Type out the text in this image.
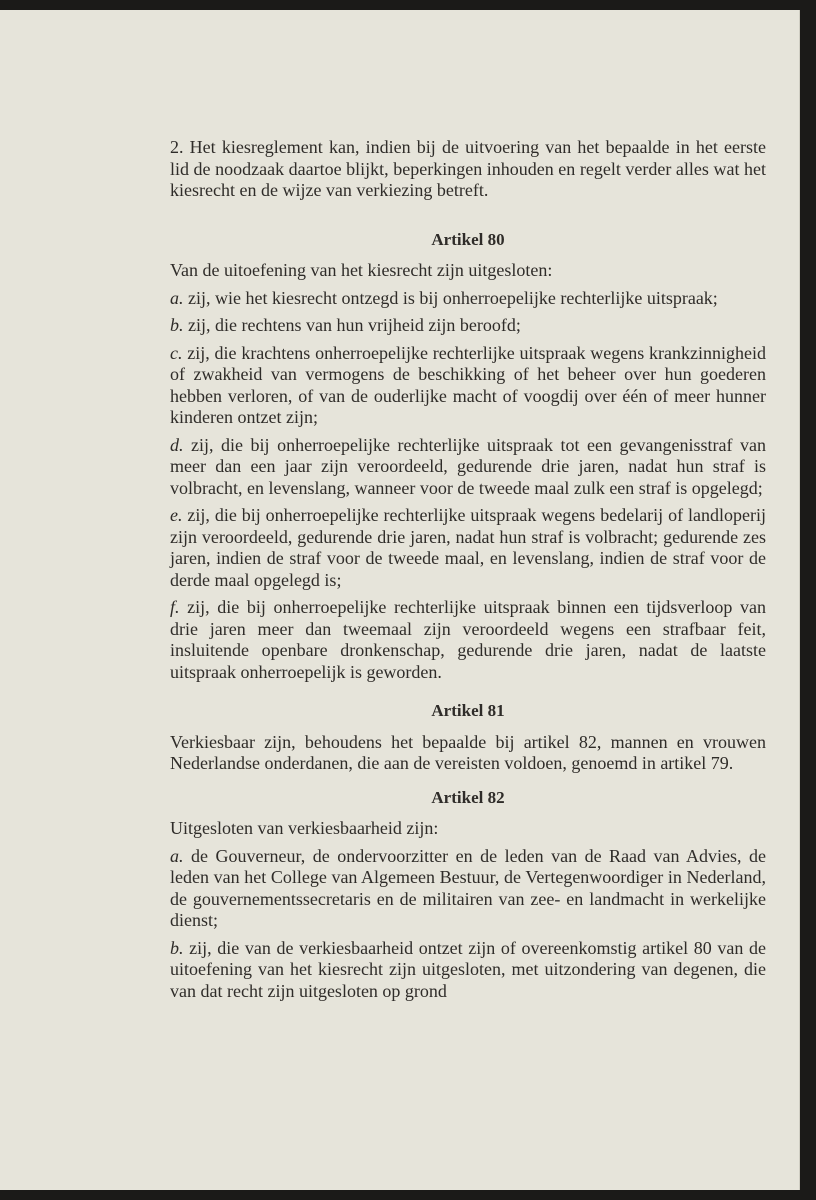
2. Het kiesreglement kan, indien bij de uitvoering van het bepaalde in het eerste lid de noodzaak daartoe blijkt, beperkingen inhouden en regelt verder alles wat het kiesrecht en de wijze van verkiezing betreft.

Artikel 80

Van de uitoefening van het kiesrecht zijn uitgesloten:

a. zij, wie het kiesrecht ontzegd is bij onherroepelijke rechterlijke uitspraak;

b. zij, die rechtens van hun vrijheid zijn beroofd;

c. zij, die krachtens onherroepelijke rechterlijke uitspraak wegens krankzinnigheid of zwakheid van vermogens de beschikking of het beheer over hun goederen hebben verloren, of van de ouderlijke macht of voogdij over één of meer hunner kinderen ontzet zijn;

d. zij, die bij onherroepelijke rechterlijke uitspraak tot een gevangenisstraf van meer dan een jaar zijn veroordeeld, gedurende drie jaren, nadat hun straf is volbracht, en levenslang, wanneer voor de tweede maal zulk een straf is opgelegd;

e. zij, die bij onherroepelijke rechterlijke uitspraak wegens bedelarij of landloperij zijn veroordeeld, gedurende drie jaren, nadat hun straf is volbracht; gedurende zes jaren, indien de straf voor de tweede maal, en levenslang, indien de straf voor de derde maal opgelegd is;

f. zij, die bij onherroepelijke rechterlijke uitspraak binnen een tijdsverloop van drie jaren meer dan tweemaal zijn veroordeeld wegens een strafbaar feit, insluitende openbare dronkenschap, gedurende drie jaren, nadat de laatste uitspraak onherroepelijk is geworden.

Artikel 81

Verkiesbaar zijn, behoudens het bepaalde bij artikel 82, mannen en vrouwen Nederlandse onderdanen, die aan de vereisten voldoen, genoemd in artikel 79.

Artikel 82

Uitgesloten van verkiesbaarheid zijn:

a. de Gouverneur, de ondervoorzitter en de leden van de Raad van Advies, de leden van het College van Algemeen Bestuur, de Vertegenwoordiger in Nederland, de gouvernementssecretaris en de militairen van zee- en landmacht in werkelijke dienst;

b. zij, die van de verkiesbaarheid ontzet zijn of overeenkomstig artikel 80 van de uitoefening van het kiesrecht zijn uitgesloten, met uitzondering van degenen, die van dat recht zijn uitgesloten op grond
